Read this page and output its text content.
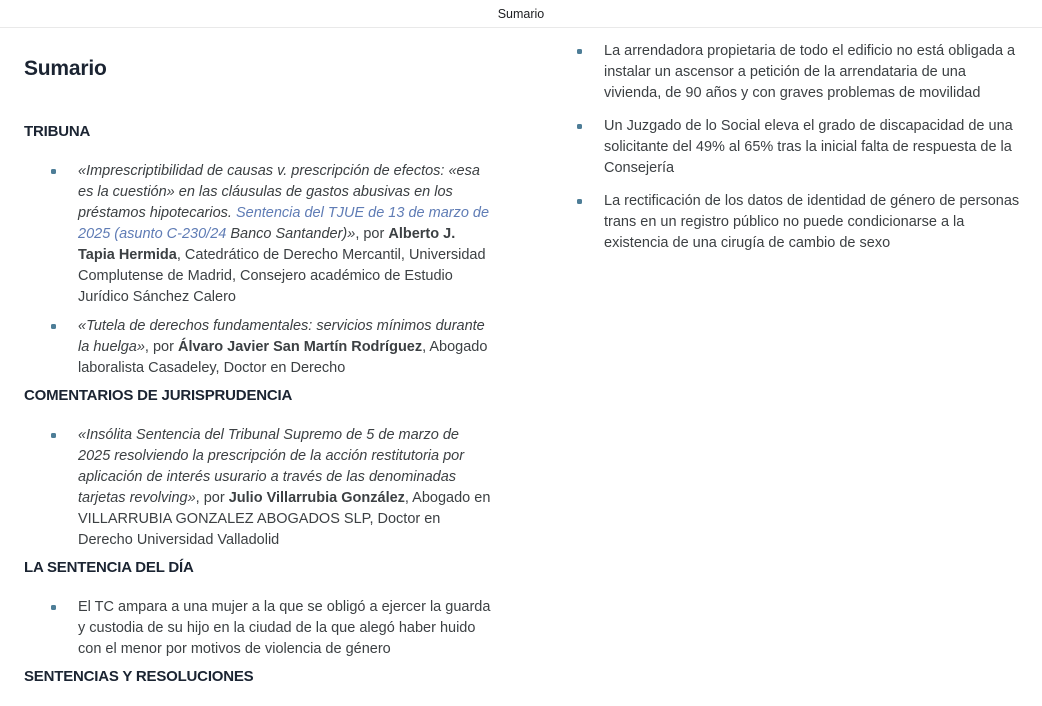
Sumario
Sumario
TRIBUNA
«Imprescriptibilidad de causas v. prescripción de efectos: «esa es la cuestión» en las cláusulas de gastos abusivas en los préstamos hipotecarios. Sentencia del TJUE de 13 de marzo de 2025 (asunto C-230/24 Banco Santander)», por Alberto J. Tapia Hermida, Catedrático de Derecho Mercantil, Universidad Complutense de Madrid, Consejero académico de Estudio Jurídico Sánchez Calero
«Tutela de derechos fundamentales: servicios mínimos durante la huelga», por Álvaro Javier San Martín Rodríguez, Abogado laboralista Casadeley, Doctor en Derecho
COMENTARIOS DE JURISPRUDENCIA
«Insólita Sentencia del Tribunal Supremo de 5 de marzo de 2025 resolviendo la prescripción de la acción restitutoria por aplicación de interés usurario a través de las denominadas tarjetas revolving», por Julio Villarrubia González, Abogado en VILLARRUBIA GONZALEZ ABOGADOS SLP, Doctor en Derecho Universidad Valladolid
LA SENTENCIA DEL DÍA
El TC ampara a una mujer a la que se obligó a ejercer la guarda y custodia de su hijo en la ciudad de la que alegó haber huido con el menor por motivos de violencia de género
SENTENCIAS Y RESOLUCIONES
La arrendadora propietaria de todo el edificio no está obligada a instalar un ascensor a petición de la arrendataria de una vivienda, de 90 años y con graves problemas de movilidad
Un Juzgado de lo Social eleva el grado de discapacidad de una solicitante del 49% al 65% tras la inicial falta de respuesta de la Consejería
La rectificación de los datos de identidad de género de personas trans en un registro público no puede condicionarse a la existencia de una cirugía de cambio de sexo
